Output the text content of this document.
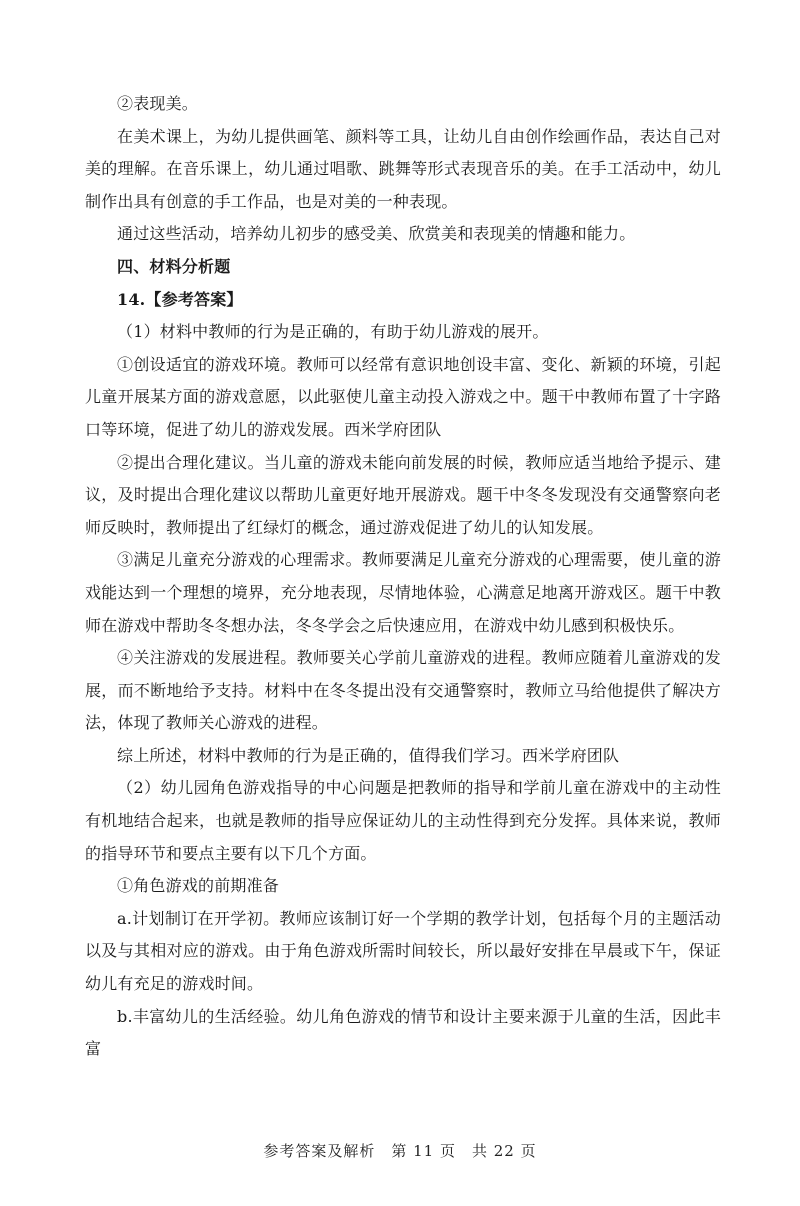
②表现美。

在美术课上，为幼儿提供画笔、颜料等工具，让幼儿自由创作绘画作品，表达自己对美的理解。在音乐课上，幼儿通过唱歌、跳舞等形式表现音乐的美。在手工活动中，幼儿制作出具有创意的手工作品，也是对美的一种表现。

通过这些活动，培养幼儿初步的感受美、欣赏美和表现美的情趣和能力。

四、材料分析题

14.【参考答案】

（1）材料中教师的行为是正确的，有助于幼儿游戏的展开。

①创设适宜的游戏环境。教师可以经常有意识地创设丰富、变化、新颖的环境，引起儿童开展某方面的游戏意愿，以此驱使儿童主动投入游戏之中。题干中教师布置了十字路口等环境，促进了幼儿的游戏发展。西米学府团队

②提出合理化建议。当儿童的游戏未能向前发展的时候，教师应适当地给予提示、建议，及时提出合理化建议以帮助儿童更好地开展游戏。题干中冬冬发现没有交通警察向老师反映时，教师提出了红绿灯的概念，通过游戏促进了幼儿的认知发展。

③满足儿童充分游戏的心理需求。教师要满足儿童充分游戏的心理需要，使儿童的游戏能达到一个理想的境界，充分地表现，尽情地体验，心满意足地离开游戏区。题干中教师在游戏中帮助冬冬想办法，冬冬学会之后快速应用，在游戏中幼儿感到积极快乐。

④关注游戏的发展进程。教师要关心学前儿童游戏的进程。教师应随着儿童游戏的发展，而不断地给予支持。材料中在冬冬提出没有交通警察时，教师立马给他提供了解决方法，体现了教师关心游戏的进程。

综上所述，材料中教师的行为是正确的，值得我们学习。西米学府团队

（2）幼儿园角色游戏指导的中心问题是把教师的指导和学前儿童在游戏中的主动性有机地结合起来，也就是教师的指导应保证幼儿的主动性得到充分发挥。具体来说，教师的指导环节和要点主要有以下几个方面。

①角色游戏的前期准备

a.计划制订在开学初。教师应该制订好一个学期的教学计划，包括每个月的主题活动以及与其相对应的游戏。由于角色游戏所需时间较长，所以最好安排在早晨或下午，保证幼儿有充足的游戏时间。

b.丰富幼儿的生活经验。幼儿角色游戏的情节和设计主要来源于儿童的生活，因此丰富

参考答案及解析　第 11 页　共 22 页
